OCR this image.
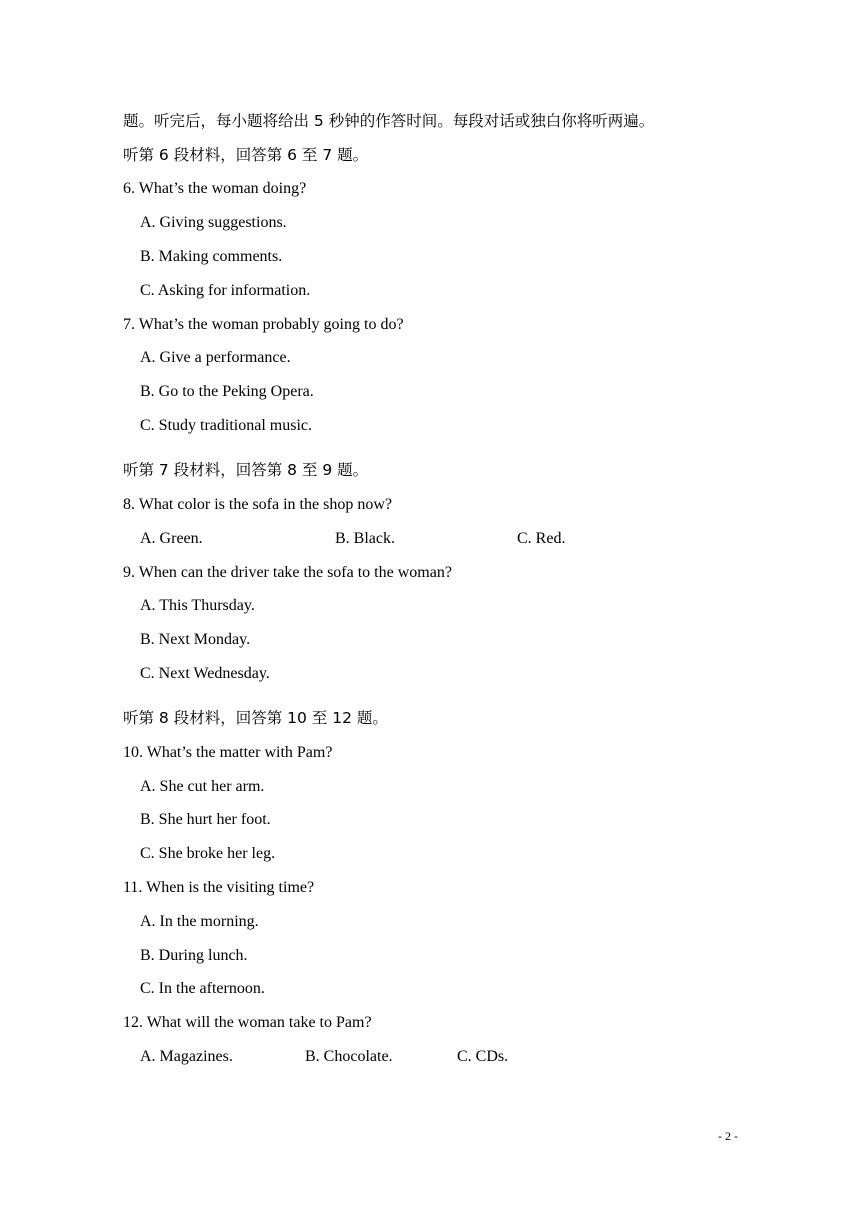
题。听完后，每小题将给出 5 秒钟的作答时间。每段对话或独白你将听两遍。
听第 6 段材料，回答第 6 至 7 题。
6. What’s the woman doing?
A. Giving suggestions.
B. Making comments.
C. Asking for information.
7. What’s the woman probably going to do?
A. Give a performance.
B. Go to the Peking Opera.
C. Study traditional music.
听第 7 段材料，回答第 8 至 9 题。
8. What color is the sofa in the shop now?
A. Green.	B. Black.	C. Red.
9. When can the driver take the sofa to the woman?
A. This Thursday.
B. Next Monday.
C. Next Wednesday.
听第 8 段材料，回答第 10 至 12 题。
10. What’s the matter with Pam?
A. She cut her arm.
B. She hurt her foot.
C. She broke her leg.
11. When is the visiting time?
A. In the morning.
B. During lunch.
C. In the afternoon.
12. What will the woman take to Pam?
A. Magazines.	B. Chocolate.	C. CDs.
- 2 -
